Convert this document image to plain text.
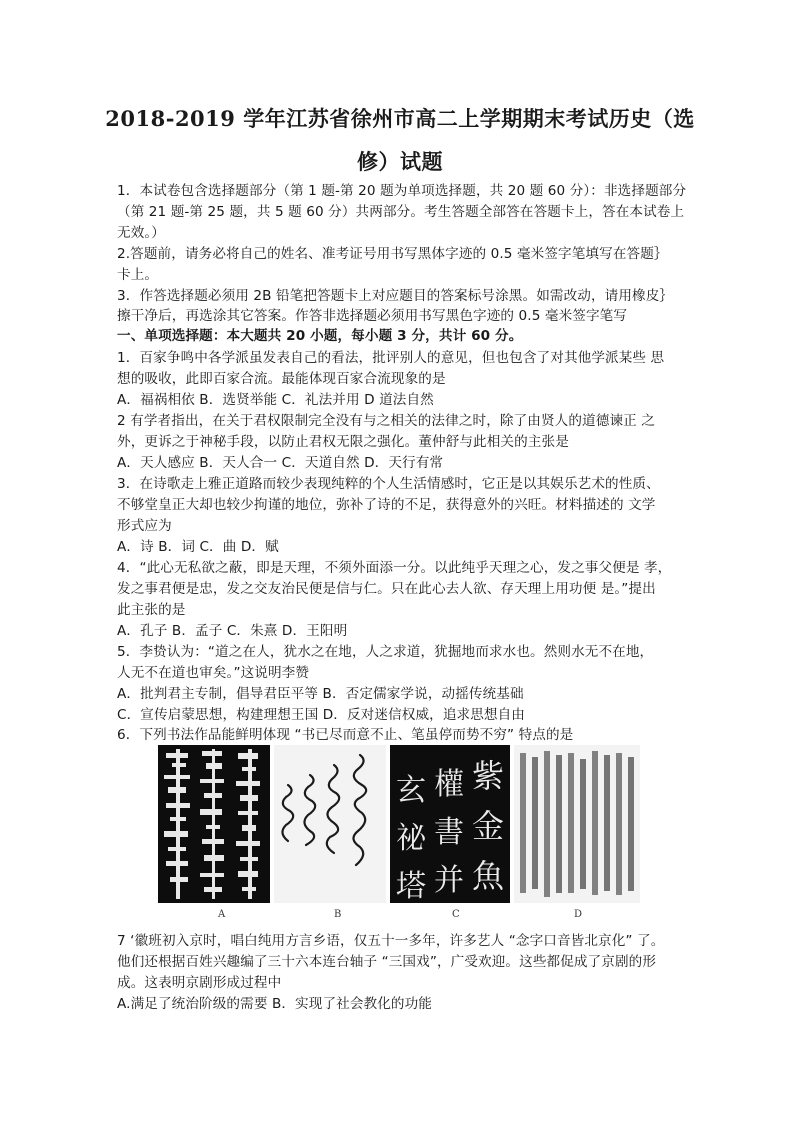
2018-2019 学年江苏省徐州市高二上学期期末考试历史（选
修）试题
1．本试卷包含选择题部分（第 1 题-第 20 题为单项选择题，共 20 题 60 分）：非选择题部分
（第 21 题-第 25 题，共 5 题 60 分）共两部分。考生答题全部答在答题卡上，答在本试卷上
无效。）
2.答题前，请务必将自己的姓名、准考证号用书写黑体字迹的 0.5 毫米签字笔填写在答题｝
卡上。
3．作答选择题必须用 2B 铅笔把答题卡上对应题目的答案标号涂黑。如需改动，请用橡皮｝
擦干净后，再选涂其它答案。作答非选择题必须用书写黑色字迹的 0.5 毫米签字笔写
一、单项选择题：本大题共 20 小题，每小题 3 分，共计 60 分。
1．百家争鸣中各学派虽发表自己的看法，批评别人的意见，但也包含了对其他学派某些 思
想的吸收，此即百家合流。最能体现百家合流现象的是
A．福祸相依 B．选贤举能 C．礼法并用 D 道法自然
2 有学者指出，在关于君权限制完全没有与之相关的法律之时，除了由贤人的道德谏正 之
外，更诉之于神秘手段，以防止君权无限之强化。董仲舒与此相关的主张是
A．天人感应 B．天人合一 C．天道自然 D．天行有常
3．在诗歌走上雅正道路而较少表现纯粹的个人生活情感时，它正是以其娱乐艺术的性质、
不够堂皇正大却也较少拘谨的地位，弥补了诗的不足，获得意外的兴旺。材料描述的 文学
形式应为
A．诗 B．词 C．曲 D．赋
4．“此心无私欲之蔽，即是天理，不须外面添一分。以此纯乎天理之心，发之事父便是 孝，
发之事君便是忠，发之交友治民便是信与仁。只在此心去人欲、存天理上用功便 是。”提出
此主张的是
A．孔子 B．孟子 C．朱熹 D．王阳明
5．李贽认为：“道之在人，犹水之在地，人之求道，犹掘地而求水也。然则水无不在地，
人无不在道也审矣。”这说明李赞
A．批判君主专制，倡导君臣平等 B．否定儒家学说，动摇传统基础
C．宣传启蒙思想，构建理想王国 D．反对迷信权威，追求思想自由
6．下列书法作品能鲜明体现 “书已尽而意不止、笔虽停而势不穷” 特点的是
紫
金
魚
權
書
并
玄
祕
塔
A	B	C	D
7 ‘徽班初入京时，唱白纯用方言乡语，仅五十一多年，许多艺人 “念字口音皆北京化” 了。
他们还根据百姓兴趣编了三十六本连台轴子 “三国戏”，广受欢迎。这些都促成了京剧的形
成。这表明京剧形成过程中
A.满足了统治阶级的需要 B．实现了社会教化的功能
